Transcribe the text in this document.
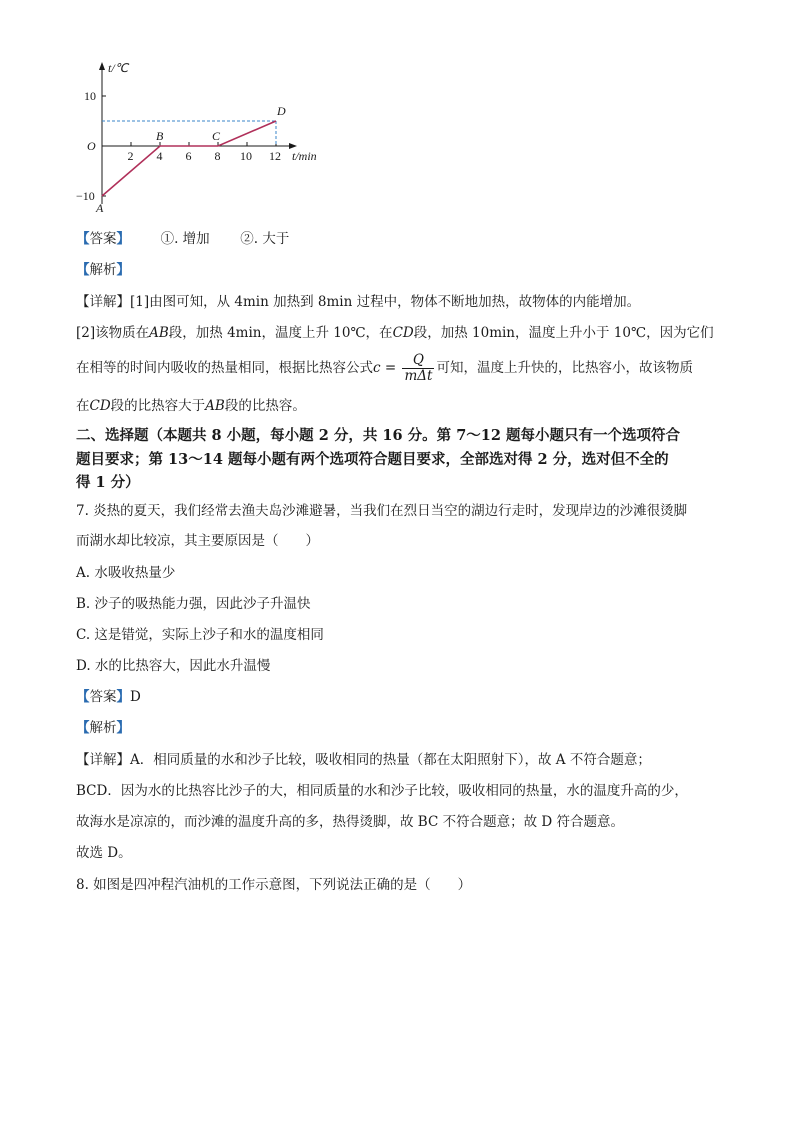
t/℃
t/min
O
10
−10
2 4 6 8 10 12
A
B	C
D
【答案】 ①. 增加 ②. 大于
【解析】
【详解】[1]由图可知，从 4min 加热到 8min 过程中，物体不断地加热，故物体的内能增加。
[2]该物质在AB段，加热 4min，温度上升 10℃，在CD段，加热 10min，温度上升小于 10℃，因为它们
在相等的时间内吸收的热量相同，根据比热容公式$c = \frac{Q}{\text{mΔt}}$ 可知，温度上升快的，比热容小，故该物质
在CD段的比热容大于AB段的比热容。
二、选择题（本题共 8 小题，每小题 2 分，共 16 分。第 7～12 题每小题只有一个选项符合
题目要求；第 13～14 题每小题有两个选项符合题目要求，全部选对得 2 分，选对但不全的
得 1 分）
7. 炎热的夏天，我们经常去渔夫岛沙滩避暑，当我们在烈日当空的湖边行走时，发现岸边的沙滩很烫脚
而湖水却比较凉，其主要原因是（　　）
A. 水吸收热量少
B. 沙子的吸热能力强，因此沙子升温快
C. 这是错觉，实际上沙子和水的温度相同
D. 水的比热容大，因此水升温慢
【答案】D
【解析】
【详解】A．相同质量的水和沙子比较，吸收相同的热量（都在太阳照射下），故 A 不符合题意；
BCD．因为水的比热容比沙子的大，相同质量的水和沙子比较，吸收相同的热量，水的温度升高的少，
故海水是凉凉的，而沙滩的温度升高的多，热得烫脚，故 BC 不符合题意；故 D 符合题意。
故选 D。
8. 如图是四冲程汽油机的工作示意图，下列说法正确的是（　　）
